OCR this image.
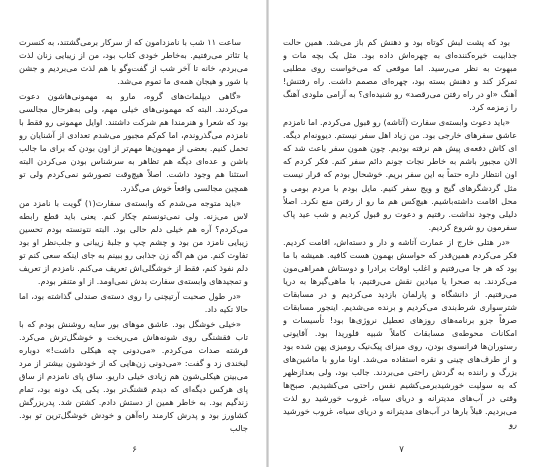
بود که پشت لبش کوتاه بود و دهنش کم باز می‌شد. همین حالت جذابیت خیره‌کننده‌ای به چهره‌اش داده بود. مثل یک بچه مات و مبهوت به نظر می‌رسید. اما موقعی که می‌خواست روی مطلبی تمرکز کند و دهنش بسته بود، چهره‌ای مصمم داشت. راه رفتنش! آهنگ «او در راه رفتن می‌رقصد» رو شنیده‌ای؟ به آرامی ملودی آهنگ را زمزمه کرد.

«باید دعوت وابسته‌ی سفارت (آتاشه) رو قبول می‌کردم. اما نامزدم عاشق سفرهای خارجی بود. من زیاد اهل سفر نیستم. دیوونه‌ام دیگه. ای کاش دفعه‌ی پیش هم نرفته بودیم. چون همون سفر باعث شد که الان مجبور باشم به خاطر نجات جونم دائم سفر کنم. فکر کردم که اون انتظار داره حتماً به این سفر بریم. خوشحال بودم که قرار نیست مثل گردشگرهای گیج و ویج سفر کنیم. مایل بودم با مردم بومی و محل اقامت داشته‌باشیم. هیچ‌کس هم ما رو از رفتن منع نکرد. اصلاً دلیلی وجود نداشت. رفتیم و دعوت رو قبول کردیم و شب عید پاک سفرمون رو شروع کردیم.

«در هتلی خارج از عمارت آتاشه و دار و دسته‌اش، اقامت کردیم. فکر می‌کردم همین‌قدر که حواسش بهمون هست کافیه. همیشه با ما بود که هر جا می‌رفتیم و اغلب اوقات برادرا و دوستاش همراهی‌مون می‌کردند. به صحرا یا میادین نقش می‌رفتیم، با ماهی‌گیرها به دریا می‌رفتیم. از دانشگاه و پارلمان بازدید می‌کردیم و در مسابقات شترسواری شرط‌بندی می‌کردیم و برنده می‌شدیم. اینجور مسابقات صرفاً جزو برنامه‌های روزهای تعطیل نروژی‌ها بود! تأسیسات و امکانات محوطه‌ی مسابقات کاملاً شبیه فلوریدا بود. آقایونی رستوران‌ها فرانسوی بودن، روی میزای پیک‌نیک رومیزی پهن شده بود و از طرف‌های چینی و نقره استفاده می‌شد. اونا مارو با ماشین‌های بزرگ و راننده به گردش راحتی می‌بردند. جالب بود، ولی بعدازظهر که به سولیت خورشیدبرمی‌کشیم نفس راحتی می‌کشیدیم. صبح‌ها وقتی در آب‌های مدیترانه و دریای سیاه، غروب خورشید رو لذت می‌بردیم. قبلاً بارها در آب‌های مدیترانه و دریای سیاه، غروب خورشید رو

۷

ساعت ۱۱ شب با نامزدامون که از سرکار برمی‌گشتند، به کنسرت یا تئاتر می‌رفتیم. به‌خاطر خودی کتاب بود، من از زیبایی زنان لذت می‌بردم، خانه تا آخر شب از گفت‌وگو با هم لذت می‌بردیم و جشن با شور و هیجان همه‌ی ما تموم می‌شد.

«گاهی دیپلمات‌های گروه، مارو به مهمونی‌هاشون دعوت می‌کردند. البته که مهمونی‌های خیلی مهم، ولی به‌هرحال مجالسی بود که شعرا و هنرمندا هم شرکت داشتند. اوایل مهمونی رو فقط با نامزدم می‌گذروندم، اما کم‌کم مجبور می‌شدم تعدادی از آشنایان رو تحمل کنیم. بعضی از مهمون‌ها مهم‌تر از اون بودن که برای ما جالب باشن و عده‌ای دیگه هم تظاهر به سرشناس بودن می‌کردن البته استثنا هم وجود داشت. اصلاً هیچ‌وقت تصورشو نمی‌کردم ولی تو همچین مجالسی واقعاً خوش می‌گذرد.

«باید متوجه می‌شدم که وابسته‌ی سفارت(۱) گویت با نامزد من لاس می‌زنه. ولی نمی‌تونستم چکار کنم. یعنی باید قطع رابطه می‌کردم؟ آره هم خیلی دلم حالی بود. البته نتونسته بودم تحسین زیبایی نامزد من بود و چشم چپ و جلبهٔ زیبانی و جلب‌نظر او بود تفاوت کنم. من هم اگه زن جذابی رو ببینم به جای اینکه سعی کنم تو دلم نفوذ کنم، فقط از خوشگلی‌اش تعریف می‌کنم. نامزدم از تعریف و تمجیدهای وابسته‌ی سفارت بدش نمی‌اومد. از او متنفر بودم.

«در طول صحبت آرتیچنی را روی دسته‌ی صندلی گذاشته بود، اما حالا تکیه داد.

«خیلی خوشگل بود. عاشق موهای بور سایه روشنش بودم که با تاب فقشنگی روی شونه‌هاش می‌ریخت و خوشگل‌ترش می‌کرد. فرشته صدات می‌کردم. «می‌دونی چه هیکلی داشت!» دوباره لبخندی زد و گفت: «می‌دونی زن‌هایی که از خودشون بیشتر از مرد می‌بینن هیکلی‌شون هم زیادی خیلی داریو. ساق پای نامزدم از ساق پای هرکس دیگه‌ای که دیدم قشنگ‌تر بود. یکی یک دونه بود، تمام زندگیم بود. به خاطر همین از دستش دادم. کشتن شد. پدربزرگش کشاورز بود و پدرش کارمند راه‌آهن و خودش خوشگل‌ترین تو بود. جالب

۶
